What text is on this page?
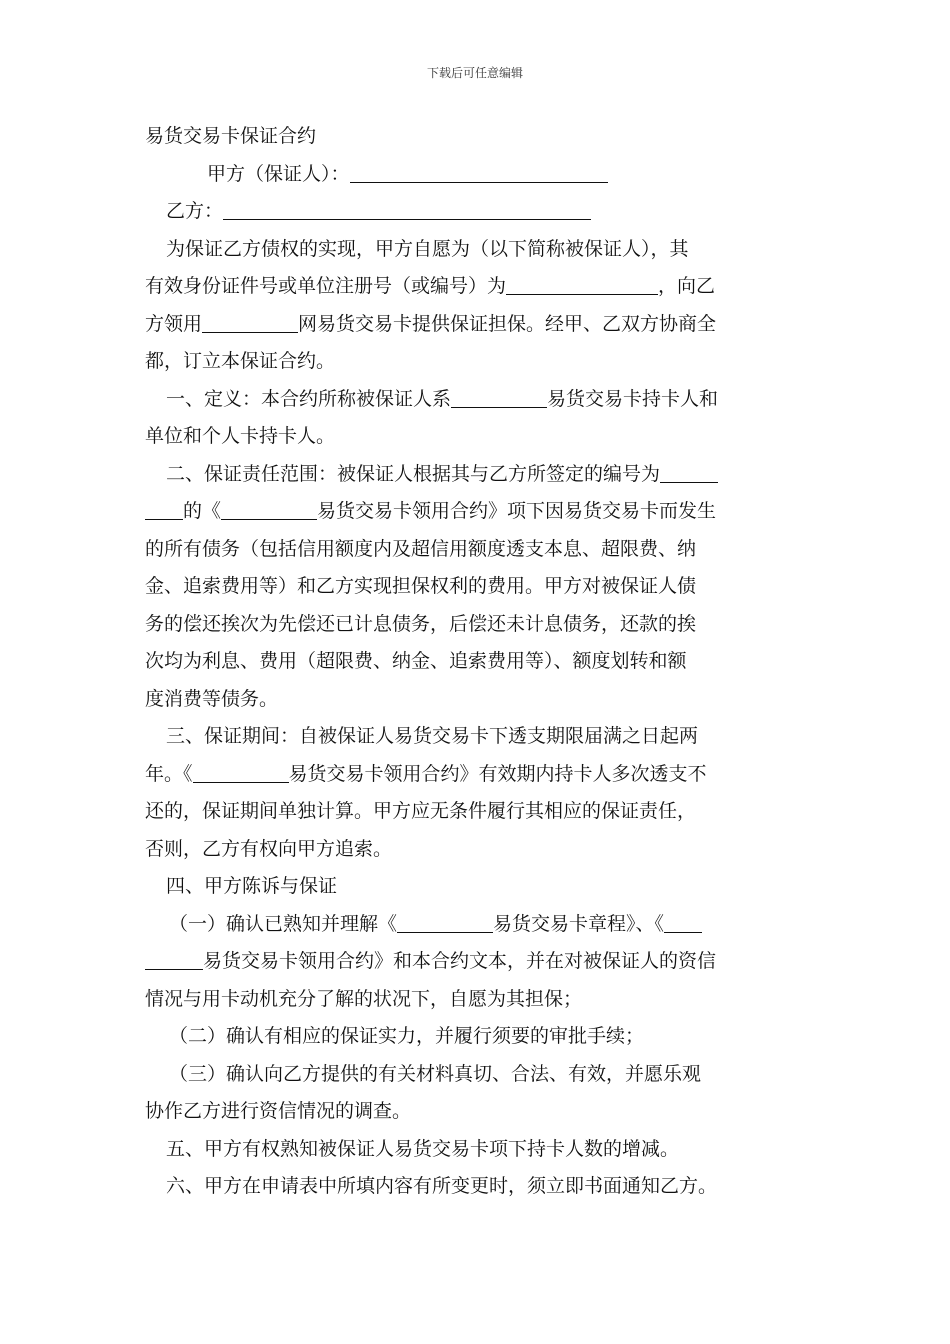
下载后可任意编辑
易货交易卡保证合约
甲方（保证人）：
乙方：
为保证乙方债权的实现，甲方自愿为（以下简称被保证人），其
有效身份证件号或单位注册号（或编号）为	，向乙
方领用	网易货交易卡提供保证担保。经甲、乙双方协商全
都，订立本保证合约。
一、定义：本合约所称被保证人系	易货交易卡持卡人和
单位和个人卡持卡人。
二、保证责任范围：被保证人根据其与乙方所签定的编号为
的《	易货交易卡领用合约》项下因易货交易卡而发生
的所有债务（包括信用额度内及超信用额度透支本息、超限费、纳
金、追索费用等）和乙方实现担保权利的费用。甲方对被保证人债
务的偿还挨次为先偿还已计息债务，后偿还未计息债务，还款的挨
次均为利息、费用（超限费、纳金、追索费用等）、额度划转和额
度消费等债务。
三、保证期间：自被保证人易货交易卡下透支期限届满之日起两
年。《	易货交易卡领用合约》有效期内持卡人多次透支不
还的，保证期间单独计算。甲方应无条件履行其相应的保证责任，
否则，乙方有权向甲方追索。
四、甲方陈诉与保证
（一）确认已熟知并理解《	易货交易卡章程》、《
易货交易卡领用合约》和本合约文本，并在对被保证人的资信
情况与用卡动机充分了解的状况下，自愿为其担保；
（二）确认有相应的保证实力，并履行须要的审批手续；
（三）确认向乙方提供的有关材料真切、合法、有效，并愿乐观
协作乙方进行资信情况的调查。
五、甲方有权熟知被保证人易货交易卡项下持卡人数的增减。
六、甲方在申请表中所填内容有所变更时，须立即书面通知乙方。
